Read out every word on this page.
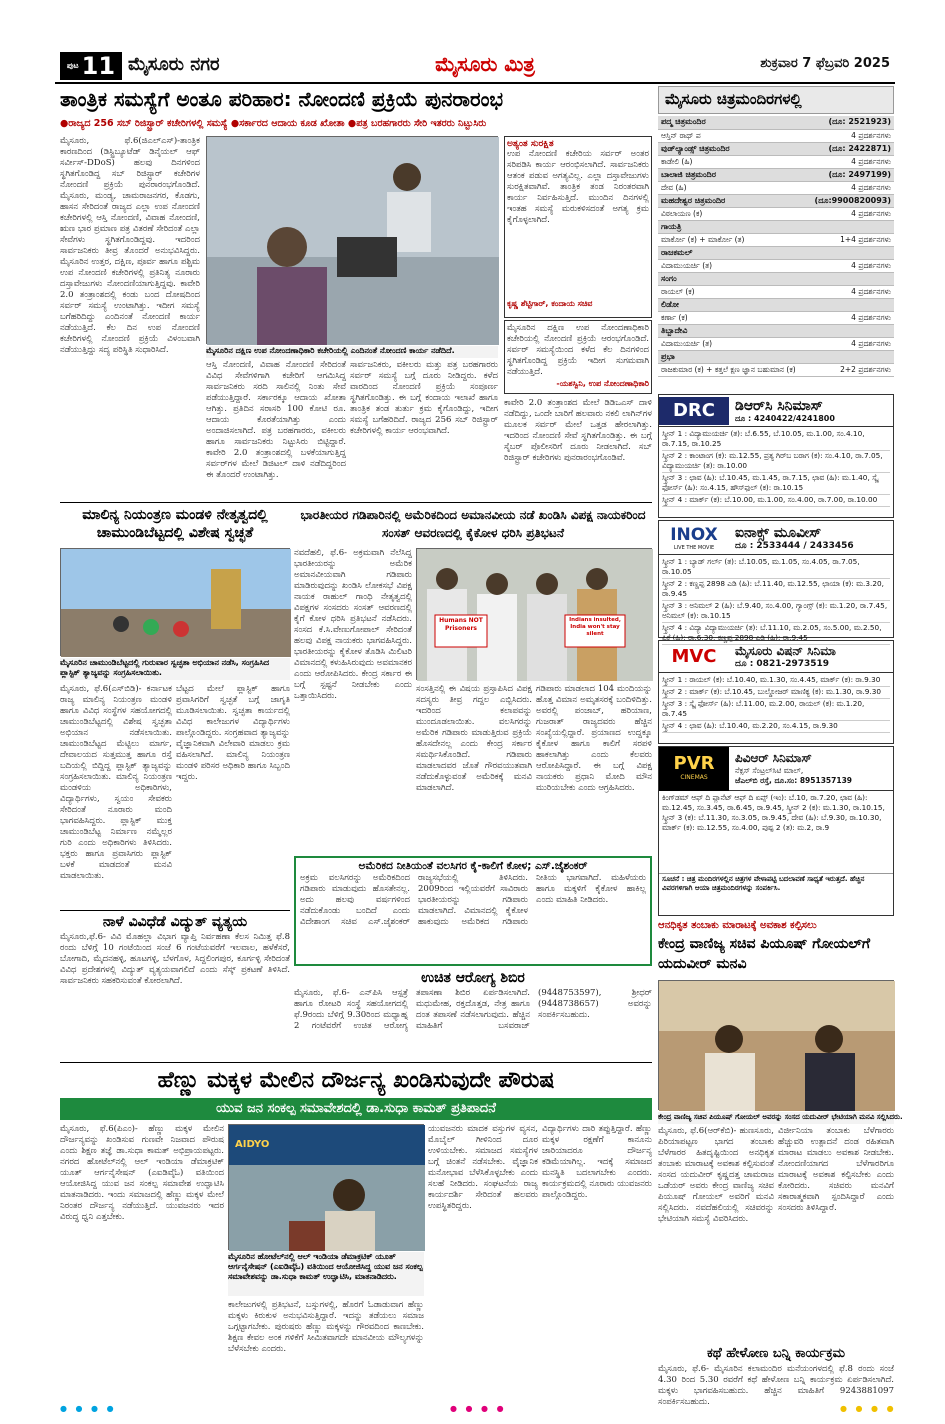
ಪುಟ 11 ಮೈಸೂರು ನಗರ	ಮೈಸೂರು ಮಿತ್ರ	ಶುಕ್ರವಾರ 7 ಫೆಬ್ರವರಿ 2025
ತಾಂತ್ರಿಕ ಸಮಸ್ಯೆಗೆ ಅಂತೂ ಪರಿಹಾರ: ನೋಂದಣಿ ಪ್ರಕ್ರಿಯೆ ಪುನರಾರಂಭ
●ರಾಜ್ಯದ 256 ಸಬ್ ರಿಜಿಸ್ಟ್ರಾರ್ ಕಚೇರಿಗಳಲ್ಲಿ ಸಮಸ್ಯೆ ●ಸರ್ಕಾರದ ಆದಾಯ ಕೂಡ ಖೋತಾ ●ಪತ್ರ ಬರಹಗಾರರು ಸೇರಿ ಇತರರು ನಿಟ್ಟುಸಿರು
ಮೈಸೂರು, ಫೆ.6(ಜಿಎಲ್‌ಎಸ್)-ತಾಂತ್ರಿಕ ಕಾರಣದಿಂದ (ಡಿಸ್ಟ್ರಿಬ್ಯೂಟೆಡ್ ಡಿನೈಯಲ್ ಆಫ್ ಸರ್ವೀಸ್-DDoS) ಹಲವು ದಿನಗಳಿಂದ ಸ್ಥಗಿತಗೊಂಡಿದ್ದ ಸಬ್ ರಿಜಿಸ್ಟ್ರಾರ್ ಕಚೇರಿಗಳ ನೋಂದಣಿ ಪ್ರಕ್ರಿಯೆ ಪುನರಾರಂಭಗೊಂಡಿದೆ. ಮೈಸೂರು, ಮಂಡ್ಯ, ಚಾಮರಾಜನಗರ, ಕೊಡಗು, ಹಾಸನ ಸೇರಿದಂತೆ ರಾಜ್ಯದ ಎಲ್ಲಾ ಉಪ ನೋಂದಣಿ ಕಚೇರಿಗಳಲ್ಲಿ ಆಸ್ತಿ ನೋಂದಣಿ, ವಿವಾಹ ನೋಂದಣಿ, ಋಣ ಭಾರ ಪ್ರಮಾಣ ಪತ್ರ ವಿತರಣೆ ಸೇರಿದಂತೆ ಎಲ್ಲಾ ಸೇವೆಗಳು ಸ್ಥಗಿತಗೊಂಡಿದ್ದವು. ಇದರಿಂದ ಸಾರ್ವಜನಿಕರು ತೀವ್ರ ತೊಂದರೆ ಅನುಭವಿಸಿದ್ದರು. ಮೈಸೂರಿನ ಉತ್ತರ, ದಕ್ಷಿಣ, ಪೂರ್ವ ಹಾಗೂ ಪಶ್ಚಿಮ ಉಪ ನೋಂದಣಿ ಕಚೇರಿಗಳಲ್ಲಿ ಪ್ರತಿನಿತ್ಯ ನೂರಾರು ದಸ್ತಾವೇಜುಗಳು ನೋಂದಣಿಯಾಗುತ್ತಿದ್ದವು. ಕಾವೇರಿ 2.0 ತಂತ್ರಾಂಶದಲ್ಲಿ ಕಂಡು ಬಂದ ದೋಷದಿಂದ ಸರ್ವರ್ ಸಮಸ್ಯೆ ಉಂಟಾಗಿತ್ತು. ಇದೀಗ ಸಮಸ್ಯೆ ಬಗೆಹರಿದಿದ್ದು ಎಂದಿನಂತೆ ನೋಂದಣಿ ಕಾರ್ಯ ನಡೆಯುತ್ತಿದೆ. ಕೆಲ ದಿನ ಉಪ ನೋಂದಣಿ ಕಚೇರಿಗಳಲ್ಲಿ ನೋಂದಣಿ ಪ್ರಕ್ರಿಯೆ ವಿಳಂಬವಾಗಿ ನಡೆಯುತ್ತಿದ್ದು ಸದ್ಯ ಪರಿಸ್ಥಿತಿ ಸುಧಾರಿಸಿದೆ.	ಮೈಸೂರಿನ ದಕ್ಷಿಣ ಉಪ ನೋಂದಣಾಧಿಕಾರಿ ಕಚೇರಿಯಲ್ಲಿ ಎಂದಿನಂತೆ ನೋಂದಣಿ ಕಾರ್ಯ ನಡೆದಿದೆ.
ಆಸ್ತಿ ನೋಂದಣಿ, ವಿವಾಹ ನೋಂದಣಿ ಸೇರಿದಂತೆ ವಿವಿಧ ಸೇವೆಗಳಿಗಾಗಿ ಕಚೇರಿಗೆ ಆಗಮಿಸಿದ್ದ ಸಾರ್ವಜನಿಕರು ಸರದಿ ಸಾಲಿನಲ್ಲಿ ನಿಂತು ಸೇವೆ ಪಡೆಯುತ್ತಿದ್ದಾರೆ. ಸರ್ಕಾರಕ್ಕೂ ಆದಾಯ ಖೋತಾ ಆಗಿತ್ತು. ಪ್ರತಿದಿನ ಸರಾಸರಿ 100 ಕೋಟಿ ರೂ. ಆದಾಯ ಕೊರತೆಯಾಗಿತ್ತು ಎಂದು ಅಂದಾಜಿಸಲಾಗಿದೆ. ಪತ್ರ ಬರಹಗಾರರು, ವಕೀಲರು ಹಾಗೂ ಸಾರ್ವಜನಿಕರು ನಿಟ್ಟುಸಿರು ಬಿಟ್ಟಿದ್ದಾರೆ. ಕಾವೇರಿ 2.0 ತಂತ್ರಾಂಶದಲ್ಲಿ ಬಳಕೆಯಾಗುತ್ತಿದ್ದ ಸರ್ವರ್‌ಗಳ ಮೇಲೆ ಡಿಜಿಟಲ್ ದಾಳಿ ನಡೆದಿದ್ದರಿಂದ ಈ ತೊಂದರೆ ಉಂಟಾಗಿತ್ತು.
ಸಾರ್ವಜನಿಕರು, ವಕೀಲರು ಮತ್ತು ಪತ್ರ ಬರಹಗಾರರು ಸರ್ವರ್ ಸಮಸ್ಯೆ ಬಗ್ಗೆ ದೂರು ನೀಡಿದ್ದರು. ಕಳೆದ ವಾರದಿಂದ ನೋಂದಣಿ ಪ್ರಕ್ರಿಯೆ ಸಂಪೂರ್ಣ ಸ್ಥಗಿತಗೊಂಡಿತ್ತು. ಈ ಬಗ್ಗೆ ಕಂದಾಯ ಇಲಾಖೆ ಹಾಗೂ ತಾಂತ್ರಿಕ ತಂಡ ತುರ್ತು ಕ್ರಮ ಕೈಗೊಂಡಿದ್ದು, ಇದೀಗ ಸಮಸ್ಯೆ ಬಗೆಹರಿದಿದೆ. ರಾಜ್ಯದ 256 ಸಬ್ ರಿಜಿಸ್ಟ್ರಾರ್ ಕಚೇರಿಗಳಲ್ಲಿ ಕಾರ್ಯ ಆರಂಭವಾಗಿದೆ.
ಅತ್ಯಂತ ಸುರಕ್ಷಿತ
ಉಪ ನೋಂದಣಿ ಕಚೇರಿಯ ಸರ್ವರ್ ಅಂತರ ಸರಿಪಡಿಸಿ ಕಾರ್ಯ ಆರಂಭಿಸಲಾಗಿದೆ. ಸಾರ್ವಜನಿಕರು ಆತಂಕ ಪಡುವ ಅಗತ್ಯವಿಲ್ಲ. ಎಲ್ಲಾ ದಸ್ತಾವೇಜುಗಳು ಸುರಕ್ಷಿತವಾಗಿವೆ. ತಾಂತ್ರಿಕ ತಂಡ ನಿರಂತರವಾಗಿ ಕಾರ್ಯ ನಿರ್ವಹಿಸುತ್ತಿದೆ. ಮುಂದಿನ ದಿನಗಳಲ್ಲಿ ಇಂತಹ ಸಮಸ್ಯೆ ಮರುಕಳಿಸದಂತೆ ಅಗತ್ಯ ಕ್ರಮ ಕೈಗೊಳ್ಳಲಾಗಿದೆ.
ಕೃಷ್ಣ ಶೆಟ್ಟಿಗಾರ್, ಕಂದಾಯ ಸಚಿವ
ಮೈಸೂರಿನ ದಕ್ಷಿಣ ಉಪ ನೋಂದಣಾಧಿಕಾರಿ ಕಚೇರಿಯಲ್ಲಿ ನೋಂದಣಿ ಪ್ರಕ್ರಿಯೆ ಆರಂಭಗೊಂಡಿದೆ. ಸರ್ವರ್ ಸಮಸ್ಯೆಯಿಂದ ಕಳೆದ ಕೆಲ ದಿನಗಳಿಂದ ಸ್ಥಗಿತಗೊಂಡಿದ್ದ ಪ್ರಕ್ರಿಯೆ ಇದೀಗ ಸುಗಮವಾಗಿ ನಡೆಯುತ್ತಿದೆ.
-ಯಶಸ್ವಿನಿ, ಉಪ ನೋಂದಣಾಧಿಕಾರಿ
ಕಾವೇರಿ 2.0 ತಂತ್ರಾಂಶದ ಮೇಲೆ ಡಿಡಿಒಎಸ್ ದಾಳಿ ನಡೆದಿದ್ದು, ಒಂದೇ ಬಾರಿಗೆ ಹಲವಾರು ನಕಲಿ ಲಾಗಿನ್‌ಗಳ ಮೂಲಕ ಸರ್ವರ್ ಮೇಲೆ ಒತ್ತಡ ಹೇರಲಾಗಿತ್ತು. ಇದರಿಂದ ನೋಂದಣಿ ಸೇವೆ ಸ್ಥಗಿತಗೊಂಡಿತ್ತು. ಈ ಬಗ್ಗೆ ಸೈಬರ್ ಪೊಲೀಸರಿಗೆ ದೂರು ನೀಡಲಾಗಿದೆ. ಸಬ್ ರಿಜಿಸ್ಟ್ರಾರ್ ಕಚೇರಿಗಳು ಪುನರಾರಂಭಗೊಂಡಿವೆ.
ಮಾಲಿನ್ಯ ನಿಯಂತ್ರಣ ಮಂಡಳಿ ನೇತೃತ್ವದಲ್ಲಿ ಚಾಮುಂಡಿಬೆಟ್ಟದಲ್ಲಿ ವಿಶೇಷ ಸ್ವಚ್ಛತೆ
ಮೈಸೂರಿನ ಚಾಮುಂಡಿಬೆಟ್ಟದಲ್ಲಿ ಗುರುವಾರ ಸ್ವಚ್ಛತಾ ಅಭಿಯಾನ ನಡೆಸಿ, ಸಂಗ್ರಹಿಸಿದ ಪ್ಲಾಸ್ಟಿಕ್ ತ್ಯಾಜ್ಯವನ್ನು ಸಂಗ್ರಹಿಸಲಾಯಿತು.
ಮೈಸೂರು, ಫೆ.6(ಎಸ್‌ಬಿಡಿ)- ಕರ್ನಾಟಕ ರಾಜ್ಯ ಮಾಲಿನ್ಯ ನಿಯಂತ್ರಣ ಮಂಡಳಿ ಹಾಗೂ ವಿವಿಧ ಸಂಸ್ಥೆಗಳ ಸಹಯೋಗದಲ್ಲಿ ಚಾಮುಂಡಿಬೆಟ್ಟದಲ್ಲಿ ವಿಶೇಷ ಸ್ವಚ್ಛತಾ ಅಭಿಯಾನ ನಡೆಸಲಾಯಿತು. ಚಾಮುಂಡಿಬೆಟ್ಟದ ಮೆಟ್ಟಿಲು ಮಾರ್ಗ, ದೇವಾಲಯದ ಸುತ್ತಮುತ್ತ ಹಾಗೂ ರಸ್ತೆ ಬದಿಯಲ್ಲಿ ಬಿದ್ದಿದ್ದ ಪ್ಲಾಸ್ಟಿಕ್ ತ್ಯಾಜ್ಯವನ್ನು ಸಂಗ್ರಹಿಸಲಾಯಿತು. ಮಾಲಿನ್ಯ ನಿಯಂತ್ರಣ ಮಂಡಳಿಯ ಅಧಿಕಾರಿಗಳು, ವಿದ್ಯಾರ್ಥಿಗಳು, ಸ್ವಯಂ ಸೇವಕರು ಸೇರಿದಂತೆ ನೂರಾರು ಮಂದಿ ಭಾಗವಹಿಸಿದ್ದರು. ಪ್ಲಾಸ್ಟಿಕ್ ಮುಕ್ತ ಚಾಮುಂಡಿಬೆಟ್ಟ ನಿರ್ಮಾಣ ನಮ್ಮೆಲ್ಲರ ಗುರಿ ಎಂದು ಅಧಿಕಾರಿಗಳು ತಿಳಿಸಿದರು. ಭಕ್ತರು ಹಾಗೂ ಪ್ರವಾಸಿಗರು ಪ್ಲಾಸ್ಟಿಕ್ ಬಳಕೆ ಮಾಡದಂತೆ ಮನವಿ ಮಾಡಲಾಯಿತು.
ಬೆಟ್ಟದ ಮೇಲೆ ಪ್ಲಾಸ್ಟಿಕ್ ಹಾಗೂ ಪ್ರವಾಸಿಗರಿಗೆ ಸ್ವಚ್ಛತೆ ಬಗ್ಗೆ ಜಾಗೃತಿ ಮೂಡಿಸಲಾಯಿತು. ಸ್ವಚ್ಛತಾ ಕಾರ್ಯದಲ್ಲಿ ವಿವಿಧ ಕಾಲೇಜುಗಳ ವಿದ್ಯಾರ್ಥಿಗಳು ಪಾಲ್ಗೊಂಡಿದ್ದರು. ಸಂಗ್ರಹವಾದ ತ್ಯಾಜ್ಯವನ್ನು ವೈಜ್ಞಾನಿಕವಾಗಿ ವಿಲೇವಾರಿ ಮಾಡಲು ಕ್ರಮ ವಹಿಸಲಾಗಿದೆ. ಮಾಲಿನ್ಯ ನಿಯಂತ್ರಣ ಮಂಡಳಿ ಪರಿಸರ ಅಧಿಕಾರಿ ಹಾಗೂ ಸಿಬ್ಬಂದಿ ಇದ್ದರು.
ನಾಳೆ ವಿವಿಧೆಡೆ ವಿದ್ಯುತ್ ವ್ಯತ್ಯಯ
ಮೈಸೂರು,ಫೆ.6- ವಿವಿ ಮೊಹಲ್ಲಾ ವಿಭಾಗ ವ್ಯಾಪ್ತಿ ನಿರ್ವಹಣಾ ಕೆಲಸ ನಿಮಿತ್ತ ಫೆ.8 ರಂದು ಬೆಳಿಗ್ಗೆ 10 ಗಂಟೆಯಿಂದ ಸಂಜೆ 6 ಗಂಟೆಯವರೆಗೆ ಇಲವಾಲ, ಹಳೆಕೆಸರೆ, ಬೋಗಾದಿ, ಮೈದನಹಳ್ಳಿ, ಹೂಟಗಳ್ಳಿ, ಬೆಳಗೊಳ, ಸಿದ್ದಲಿಂಗಪುರ, ಕೂರ್ಗಳ್ಳಿ ಸೇರಿದಂತೆ ವಿವಿಧ ಪ್ರದೇಶಗಳಲ್ಲಿ ವಿದ್ಯುತ್ ವ್ಯತ್ಯಯವಾಗಲಿದೆ ಎಂದು ಸೆಸ್ಕ್ ಪ್ರಕಟಣೆ ತಿಳಿಸಿದೆ. ಸಾರ್ವಜನಿಕರು ಸಹಕರಿಸುವಂತೆ ಕೋರಲಾಗಿದೆ.
ಭಾರತೀಯರ ಗಡಿಪಾರಿನಲ್ಲಿ ಅಮೆರಿಕದಿಂದ ಅಮಾನವೀಯ ನಡೆ ಖಂಡಿಸಿ ವಿಪಕ್ಷ ನಾಯಕರಿಂದ ಸಂಸತ್ ಆವರಣದಲ್ಲಿ ಕೈಕೋಳ ಧರಿಸಿ ಪ್ರತಿಭಟನೆ
ನವದೆಹಲಿ, ಫೆ.6- ಅಕ್ರಮವಾಗಿ ನೆಲೆಸಿದ್ದ ಭಾರತೀಯರನ್ನು ಅಮೆರಿಕ ಅಮಾನವೀಯವಾಗಿ ಗಡಿಪಾರು ಮಾಡಿರುವುದನ್ನು ಖಂಡಿಸಿ ಲೋಕಸಭೆ ವಿಪಕ್ಷ ನಾಯಕ ರಾಹುಲ್ ಗಾಂಧಿ ನೇತೃತ್ವದಲ್ಲಿ ವಿಪಕ್ಷಗಳ ಸಂಸದರು ಸಂಸತ್ ಆವರಣದಲ್ಲಿ ಕೈಗೆ ಕೋಳ ಧರಿಸಿ ಪ್ರತಿಭಟನೆ ನಡೆಸಿದರು. ಸಂಸದ ಕೆ.ಸಿ.ವೇಣುಗೋಪಾಲ್ ಸೇರಿದಂತೆ ಹಲವು ವಿಪಕ್ಷ ನಾಯಕರು ಭಾಗವಹಿಸಿದ್ದರು. ಭಾರತೀಯರನ್ನು ಕೈಕೋಳ ತೊಡಿಸಿ ಮಿಲಿಟರಿ ವಿಮಾನದಲ್ಲಿ ಕಳುಹಿಸಿರುವುದು ಅವಮಾನಕರ ಎಂದು ಆರೋಪಿಸಿದರು. ಕೇಂದ್ರ ಸರ್ಕಾರ ಈ ಬಗ್ಗೆ ಸ್ಪಷ್ಟನೆ ನೀಡಬೇಕು ಎಂದು ಒತ್ತಾಯಿಸಿದರು.
Humans NOT Prisoners
Indians insulted, India won't stay silent
ಸಂಸತ್ತಿನಲ್ಲಿ ಈ ವಿಷಯ ಪ್ರಸ್ತಾಪಿಸಿದ ವಿಪಕ್ಷ ಸದಸ್ಯರು ತೀವ್ರ ಗದ್ದಲ ಎಬ್ಬಿಸಿದರು. ಇದರಿಂದ ಕಲಾಪವನ್ನು ಮುಂದೂಡಲಾಯಿತು. ವಲಸಿಗರನ್ನು ಅಮೆರಿಕ ಗಡಿಪಾರು ಮಾಡುತ್ತಿರುವ ಪ್ರಕ್ರಿಯೆ ಹೊಸದೇನಲ್ಲ ಎಂದು ಕೇಂದ್ರ ಸರ್ಕಾರ ಸಮರ್ಥಿಸಿಕೊಂಡಿದೆ. ಗಡಿಪಾರು ಮಾಡಲಾದವರ ಜೊತೆ ಗೌರವಯುತವಾಗಿ ನಡೆದುಕೊಳ್ಳುವಂತೆ ಅಮೆರಿಕಕ್ಕೆ ಮನವಿ ಮಾಡಲಾಗಿದೆ.
ಗಡಿಪಾರು ಮಾಡಲಾದ 104 ಮಂದಿಯನ್ನು ಹೊತ್ತ ವಿಮಾನ ಅಮೃತಸರಕ್ಕೆ ಬಂದಿಳಿದಿತ್ತು. ಅವರಲ್ಲಿ ಪಂಜಾಬ್, ಹರಿಯಾಣ, ಗುಜರಾತ್ ರಾಜ್ಯದವರು ಹೆಚ್ಚಿನ ಸಂಖ್ಯೆಯಲ್ಲಿದ್ದಾರೆ. ಪ್ರಯಾಣದ ಉದ್ದಕ್ಕೂ ಕೈಕೋಳ ಹಾಗೂ ಕಾಲಿಗೆ ಸರಪಳಿ ಹಾಕಲಾಗಿತ್ತು ಎಂದು ಕೆಲವರು ಆರೋಪಿಸಿದ್ದಾರೆ. ಈ ಬಗ್ಗೆ ವಿಪಕ್ಷ ನಾಯಕರು ಪ್ರಧಾನಿ ಮೋದಿ ಮೌನ ಮುರಿಯಬೇಕು ಎಂದು ಆಗ್ರಹಿಸಿದರು.
ಅಮೆರಿಕದ ನೀತಿಯಂತೆ ವಲಸಿಗರ ಕೈ-ಕಾಲಿಗೆ ಕೋಳ; ಎಸ್.ಜೈಶಂಕರ್
ಅಕ್ರಮ ವಲಸಿಗರನ್ನು ಅಮೆರಿಕದಿಂದ ಗಡಿಪಾರು ಮಾಡುವುದು ಹೊಸತೇನಲ್ಲ. ಅದು ಹಲವು ವರ್ಷಗಳಿಂದ ನಡೆದುಕೊಂಡು ಬಂದಿದೆ ಎಂದು ವಿದೇಶಾಂಗ ಸಚಿವ ಎಸ್.ಜೈಶಂಕರ್ ರಾಜ್ಯಸಭೆಯಲ್ಲಿ ತಿಳಿಸಿದರು. 2009ರಿಂದ ಇಲ್ಲಿಯವರೆಗೆ ಸಾವಿರಾರು ಭಾರತೀಯರನ್ನು ಗಡಿಪಾರು ಮಾಡಲಾಗಿದೆ. ವಿಮಾನದಲ್ಲಿ ಕೈಕೋಳ ಹಾಕುವುದು ಅಮೆರಿಕದ ಗಡಿಪಾರು ನೀತಿಯ ಭಾಗವಾಗಿದೆ. ಮಹಿಳೆಯರು ಹಾಗೂ ಮಕ್ಕಳಿಗೆ ಕೈಕೋಳ ಹಾಕಿಲ್ಲ ಎಂದು ಮಾಹಿತಿ ನೀಡಿದರು.
ಉಚಿತ ಆರೋಗ್ಯ ಶಿಬಿರ
ಮೈಸೂರು, ಫೆ.6- ಎನ್‌ಪಿಸಿ ಆಸ್ಪತ್ರೆ ಹಾಗೂ ರೋಟರಿ ಸಂಸ್ಥೆ ಸಹಯೋಗದಲ್ಲಿ ಫೆ.9ರಂದು ಬೆಳಿಗ್ಗೆ 9.30ರಿಂದ ಮಧ್ಯಾಹ್ನ 2 ಗಂಟೆವರೆಗೆ ಉಚಿತ ಆರೋಗ್ಯ ತಪಾಸಣಾ ಶಿಬಿರ ಏರ್ಪಡಿಸಲಾಗಿದೆ. ಮಧುಮೇಹ, ರಕ್ತದೊತ್ತಡ, ನೇತ್ರ ಹಾಗೂ ದಂತ ತಪಾಸಣೆ ನಡೆಸಲಾಗುವುದು. ಹೆಚ್ಚಿನ ಮಾಹಿತಿಗೆ ಬಸವರಾಜ್ (9448753597), ಶ್ರೀಧರ್ (9448738657) ಅವರನ್ನು ಸಂಪರ್ಕಿಸಬಹುದು.
ಹೆಣ್ಣು ಮಕ್ಕಳ ಮೇಲಿನ ದೌರ್ಜನ್ಯ ಖಂಡಿಸುವುದೇ ಪೌರುಷ
ಯುವ ಜನ ಸಂಕಲ್ಪ ಸಮಾವೇಶದಲ್ಲಿ ಡಾ.ಸುಧಾ ಕಾಮತ್ ಪ್ರತಿಪಾದನೆ
ಮೈಸೂರು, ಫೆ.6(ಪಿಎಂ)- ಹೆಣ್ಣು ಮಕ್ಕಳ ಮೇಲಿನ ದೌರ್ಜನ್ಯವನ್ನು ಖಂಡಿಸುವ ಗುಣವೇ ನಿಜವಾದ ಪೌರುಷ ಎಂದು ಶಿಕ್ಷಣ ತಜ್ಞೆ ಡಾ.ಸುಧಾ ಕಾಮತ್ ಅಭಿಪ್ರಾಯಪಟ್ಟರು. ನಗರದ ಹೋಟೆಲ್‌ನಲ್ಲಿ ಆಲ್ ಇಂಡಿಯಾ ಡೆಮಾಕ್ರಟಿಕ್ ಯೂತ್ ಆರ್ಗನೈಸೇಷನ್ (ಎಐಡಿವೈಓ) ವತಿಯಿಂದ ಆಯೋಜಿಸಿದ್ದ ಯುವ ಜನ ಸಂಕಲ್ಪ ಸಮಾವೇಶ ಉದ್ಘಾಟಿಸಿ ಮಾತನಾಡಿದರು. ಇಂದು ಸಮಾಜದಲ್ಲಿ ಹೆಣ್ಣು ಮಕ್ಕಳ ಮೇಲೆ ನಿರಂತರ ದೌರ್ಜನ್ಯ ನಡೆಯುತ್ತಿದೆ. ಯುವಜನರು ಇದರ ವಿರುದ್ಧ ಧ್ವನಿ ಎತ್ತಬೇಕು.
AIDYO
ಮೈಸೂರಿನ ಹೋಟೆಲ್‌ನಲ್ಲಿ ಆಲ್ ಇಂಡಿಯಾ ಡೆಮಾಕ್ರಟಿಕ್ ಯೂತ್ ಆರ್ಗನೈಸೇಷನ್ (ಎಐಡಿವೈಓ) ವತಿಯಿಂದ ಆಯೋಜಿಸಿದ್ದ ಯುವ ಜನ ಸಂಕಲ್ಪ ಸಮಾವೇಶವನ್ನು ಡಾ.ಸುಧಾ ಕಾಮತ್ ಉದ್ಘಾಟಿಸಿ, ಮಾತನಾಡಿದರು.
ಕಾಲೇಜುಗಳಲ್ಲಿ ಪ್ರತಿಭಟನೆ, ಬಸ್ಸುಗಳಲ್ಲಿ, ಹೊರಗೆ ಓಡಾಡುವಾಗ ಹೆಣ್ಣು ಮಕ್ಕಳು ಕಿರುಕುಳ ಅನುಭವಿಸುತ್ತಿದ್ದಾರೆ. ಇದನ್ನು ತಡೆಯಲು ಸಮಾಜ ಒಗ್ಗಟ್ಟಾಗಬೇಕು. ಪುರುಷರು ಹೆಣ್ಣು ಮಕ್ಕಳನ್ನು ಗೌರವದಿಂದ ಕಾಣಬೇಕು. ಶಿಕ್ಷಣ ಕೇವಲ ಅಂಕ ಗಳಿಕೆಗೆ ಸೀಮಿತವಾಗದೇ ಮಾನವೀಯ ಮೌಲ್ಯಗಳನ್ನು ಬೆಳೆಸಬೇಕು ಎಂದರು.
ಯುವಜನರು ಮಾದಕ ವಸ್ತುಗಳ ವ್ಯಸನ, ಮೊಬೈಲ್ ಗೀಳಿನಿಂದ ದೂರ ಉಳಿಯಬೇಕು. ಸಮಾಜದ ಸಮಸ್ಯೆಗಳ ಬಗ್ಗೆ ಚಿಂತನೆ ನಡೆಸಬೇಕು. ವೈಜ್ಞಾನಿಕ ಮನೋಭಾವ ಬೆಳೆಸಿಕೊಳ್ಳಬೇಕು ಎಂದು ಸಲಹೆ ನೀಡಿದರು. ಸಂಘಟನೆಯ ರಾಜ್ಯ ಕಾರ್ಯದರ್ಶಿ ಸೇರಿದಂತೆ ಹಲವರು ಉಪಸ್ಥಿತರಿದ್ದರು.
ವಿದ್ಯಾರ್ಥಿಗಳು ದಾರಿ ತಪ್ಪುತ್ತಿದ್ದಾರೆ. ಹೆಣ್ಣು ಮಕ್ಕಳ ರಕ್ಷಣೆಗೆ ಕಾನೂನು ಜಾರಿಯಾದರೂ ದೌರ್ಜನ್ಯ ಕಡಿಮೆಯಾಗಿಲ್ಲ. ಇದಕ್ಕೆ ಸಮಾಜದ ಮನಸ್ಥಿತಿ ಬದಲಾಗಬೇಕು ಎಂದರು. ಕಾರ್ಯಕ್ರಮದಲ್ಲಿ ನೂರಾರು ಯುವಜನರು ಪಾಲ್ಗೊಂಡಿದ್ದರು.
ಮೈಸೂರು ಚಿತ್ರಮಂದಿರಗಳಲ್ಲಿ
ಪದ್ಮ ಚಿತ್ರಮಂದಿರ	(ದೂ: 2521923)
ಆಸ್ತಿನ್ ರಾಥ್ ಪ	4 ಪ್ರದರ್ಶನಗಳು
ವುಡ್‌ಲ್ಯಾಂಡ್ಸ್ ಚಿತ್ರಮಂದಿರ	(ದೂ: 2422871)
ಕಾಡೇಲಿ (ಹಿ)	4 ಪ್ರದರ್ಶನಗಳು
ಬಾಲಾಜಿ ಚಿತ್ರಮಂದಿರ	(ದೂ: 2497199)
ದೇವ (ಹಿ)	4 ಪ್ರದರ್ಶನಗಳು
ಮಹದೇಶ್ವರ ಚಿತ್ರಮಂದಿರ	(ದೂ:9900820093)
ವಿಠಲಾಯಣ (ಕ)	4 ಪ್ರದರ್ಶನಗಳು
ಗಾಯತ್ರಿ	
ಮಾರ್ಕೋ (ಕ) + ಮಾರ್ಕೋ (ತ)	1+4 ಪ್ರದರ್ಶನಗಳು
ರಾಜಕಮಲ್	
ವಿದಾಮುಯರ್ಚಿ (ತ)	4 ಪ್ರದರ್ಶನಗಳು
ಸಂಗಂ	
ರಾಯಲ್ (ಕ)	4 ಪ್ರದರ್ಶನಗಳು
ಲಿಡೋ	
ಕರ್ಣಾ (ಕ)	4 ಪ್ರದರ್ಶನಗಳು
ತಿಬ್ಬಾದೇವಿ	
ವಿದಾಮುಯರ್ಚಿ (ತ)	4 ಪ್ರದರ್ಶನಗಳು
ಪ್ರಭಾ	
ರಾಜಕುಮಾರ (ಕ) + ಕತ್ತಲೆ ಕ್ಷಣ ಜ್ಞಾನ ಬಹುಮಾನ (ಕ)	2+2 ಪ್ರದರ್ಶನಗಳು
DRC	ಡಿಆರ್‌ಸಿ ಸಿನಿಮಾಸ್
ದೂ : 4240422/4241800
ಸ್ಕ್ರೀನ್ 1 : ವಿದ್ಯಾಮುಯರ್ಚಿ (ತ): ಬೆ.6.55, ಬೆ.10.05, ಮ.1.00, ಸಂ.4.10, ರಾ.7.15, ರಾ.10.25
ಸ್ಕ್ರೀನ್ 2 : ಕಾಂಟಾಂಗ (ಕ): ಮ.12.55, ಪ್ರತ್ಯ ಗಿರ್‌ಬ ಬರಾಗ (ಕ): ಸಂ.4.10, ರಾ.7.05, ವಿದ್ಯಾಮುಯರ್ಚಿ (ತ): ರಾ.10.00
ಸ್ಕ್ರೀನ್ 3 : ಛಾವ (ಹಿ): ಬೆ.10.45, ಮ.1.45, ರಾ.7.15, ಛಾವ (ಹಿ): ಮ.1.40, ಸ್ಕೈ ಫೋರ್ಸ್ (ಹಿ): ಸಂ.4.15, ಹೌಸ್‌ಫುಲ್ (ಕ): ರಾ.10.15
ಸ್ಕ್ರೀನ್ 4 : ಮಾರ್ಕ್ (ಕ): ಬೆ.10.00, ಮ.1.00, ಸಂ.4.00, ರಾ.7.00, ರಾ.10.00
INOX
LIVE THE MOVIE
ಐನಾಕ್ಸ್ ಮೂವೀಸ್
ದೂ : 2533444 / 2433456
ಸ್ಕ್ರೀನ್ 1 : ಬ್ಯಾಡ್ ಗರ್ಲ್ (ತ): ಬೆ.10.05, ಮ.1.05, ಸಂ.4.05, ರಾ.7.05, ರಾ.10.05
ಸ್ಕ್ರೀನ್ 2 : ಕಣ್ಣಪ್ಪ 2898 ಎಡಿ (ಹಿ): ಬೆ.11.40, ಮ.12.55, ಛಾಯಾ (ಕ): ಮ.3.20, ರಾ.9.45
ಸ್ಕ್ರೀನ್ 3 : ಅನಿಮಲ್ 2 (ಹಿ): ಬೆ.9.40, ಸಂ.4.00, ಗ್ಯಾಂಗ್ಸ್ (ಕ): ಮ.1.20, ರಾ.7.45, ಅನಿಮಲ್ (ಕ): ರಾ.10.15
ಸ್ಕ್ರೀನ್ 4 : ವಿದ್ಯಾ ವಿದ್ಯಾಮುಯರ್ಚಿ (ತ): ಬೆ.11.10, ಮ.2.05, ಸಂ.5.00, ಮ.2.50, ಪಿಕೆ (ಹಿ): ರಾ.6.30, ಕಣ್ಣಪ್ಪ 2898 ಎಡಿ (ಹಿ): ರಾ.9.45
MVC	ಮೈಸೂರು ವಿಷನ್ ಸಿನಿಮಾ
ದೂ : 0821-2973519
ಸ್ಕ್ರೀನ್ 1 : ರಾಯಲ್ (ಕ): ಬೆ.10.40, ಮ.1.30, ಸಂ.4.45, ಮಾರ್ಕ್ (ಕ): ರಾ.9.30
ಸ್ಕ್ರೀನ್ 2 : ಮಾರ್ಕ್ (ಕ): ಬೆ.10.45, ಬುಲ್ಡೋಜರ್ ಮಾಣಿಕ್ಯ (ಕ): ಮ.1.30, ರಾ.9.30
ಸ್ಕ್ರೀನ್ 3 : ಸ್ಕೈ ಫೋರ್ಸ್ (ಹಿ): ಬೆ.11.00, ಮ.2.00, ರಾಯಲ್ (ಕ): ಮ.1.20, ರಾ.7.45
ಸ್ಕ್ರೀನ್ 4 : ಛಾವ (ಹಿ): ಬೆ.10.40, ಮ.2.20, ಸಂ.4.15, ರಾ.9.30
PVR
CINEMAS
ಪಿವಿಆರ್ ಸಿನಿಮಾಸ್
ನೆಕ್ಸಸ್ ಸೆಂಟ್ರಲ್‌ಸಿಟಿ ಮಾಲ್,
ಜೆಎಲ್‌ಬಿ ರಸ್ತೆ, ದೂ.ಸಂ: 8951357139
ಕಿಂಗ್‌ಡಮ್ ಆಫ್ ದಿ ಪ್ಲಾನೆಟ್ ಆಫ್ ದಿ ಏಪ್ಸ್ (ಇಂ): ಬೆ.10, ರಾ.7.20, ಛಾವ (ಹಿ): ಮ.12.45, ಸಂ.3.45, ರಾ.6.45, ರಾ.9.45, ಸ್ಕ್ರೀನ್ 2 (ಕ): ಮ.1.30, ರಾ.10.15, ಸ್ಕ್ರೀನ್ 3 (ಕ): ಬೆ.11.30, ಸಂ.3.05, ರಾ.9.45, ದೇವ (ಹಿ): ಬೆ.9.30, ರಾ.10.30, ಮಾರ್ಕ್ (ಕ): ಮ.12.55, ಸಂ.4.00, ಪುಷ್ಪ 2 (ತ): ಮ.2, ರಾ.9
ಸೂಚನೆ : ಚಿತ್ರ ಮಂದಿರಗಳಲ್ಲಿನ ಚಿತ್ರಗಳ ವೇಳಾಪಟ್ಟಿ ಬದಲಾವಣೆ ಸಾಧ್ಯತೆ ಇರುತ್ತದೆ. ಹೆಚ್ಚಿನ ವಿವರಗಳಿಗಾಗಿ ಆಯಾ ಚಿತ್ರಮಂದಿರಗಳನ್ನು ಸಂಪರ್ಕಿಸಿ.
ಆನಧಿಕೃತ ತಂಬಾಕು ಮಾರಾಟಕ್ಕೆ ಅವಕಾಶ ಕಲ್ಪಿಸಲು
ಕೇಂದ್ರ ವಾಣಿಜ್ಯ ಸಚಿವ ಪಿಯೂಷ್ ಗೋಯಲ್‌ಗೆ ಯದುವೀರ್ ಮನವಿ
ಕೇಂದ್ರ ವಾಣಿಜ್ಯ ಸಚಿವ ಪಿಯೂಷ್ ಗೋಯಲ್ ಅವರನ್ನು ಸಂಸದ ಯದುವೀರ್ ಭೇಟಿಯಾಗಿ ಮನವಿ ಸಲ್ಲಿಸಿದರು.
ಮೈಸೂರು, ಫೆ.6(ಆರ್‌ಕೆಬಿ)- ಹುಣಸೂರು, ಪಿರಿಯಾಪಟ್ಟಣ ಭಾಗದ ತಂಬಾಕು ಬೆಳೆಗಾರರ ಹಿತದೃಷ್ಟಿಯಿಂದ ಅನಧಿಕೃತ ತಂಬಾಕು ಮಾರಾಟಕ್ಕೆ ಅವಕಾಶ ಕಲ್ಪಿಸುವಂತೆ ಸಂಸದ ಯದುವೀರ್ ಕೃಷ್ಣದತ್ತ ಚಾಮರಾಜ ಒಡೆಯರ್ ಅವರು ಕೇಂದ್ರ ವಾಣಿಜ್ಯ ಸಚಿವ ಪಿಯೂಷ್ ಗೋಯಲ್ ಅವರಿಗೆ ಮನವಿ ಸಲ್ಲಿಸಿದರು. ನವದೆಹಲಿಯಲ್ಲಿ ಸಚಿವರನ್ನು ಭೇಟಿಯಾಗಿ ಸಮಸ್ಯೆ ವಿವರಿಸಿದರು.
ವಿರ್ಜೀನಿಯಾ ತಂಬಾಕು ಬೆಳೆಗಾರರು ಹೆಚ್ಚುವರಿ ಉತ್ಪಾದನೆ ದಂಡ ರಹಿತವಾಗಿ ಮಾರಾಟ ಮಾಡಲು ಅವಕಾಶ ನೀಡಬೇಕು. ನೋಂದಣಿಯಾಗದ ಬೆಳೆಗಾರರಿಗೂ ಮಾರಾಟಕ್ಕೆ ಅವಕಾಶ ಕಲ್ಪಿಸಬೇಕು ಎಂದು ಕೋರಿದರು. ಸಚಿವರು ಮನವಿಗೆ ಸಕಾರಾತ್ಮಕವಾಗಿ ಸ್ಪಂದಿಸಿದ್ದಾರೆ ಎಂದು ಸಂಸದರು ತಿಳಿಸಿದ್ದಾರೆ.
ಕಥೆ ಹೇಳೋಣ ಬನ್ನಿ ಕಾರ್ಯಕ್ರಮ
ಮೈಸೂರು, ಫೆ.6- ಮೈಸೂರಿನ ಕಲಾಮಂದಿರ ಮನೆಯಂಗಳದಲ್ಲಿ ಫೆ.8 ರಂದು ಸಂಜೆ 4.30 ರಿಂದ 5.30 ರವರೆಗೆ ಕಥೆ ಹೇಳೋಣ ಬನ್ನಿ ಕಾರ್ಯಕ್ರಮ ಏರ್ಪಡಿಸಲಾಗಿದೆ. ಮಕ್ಕಳು ಭಾಗವಹಿಸಬಹುದು. ಹೆಚ್ಚಿನ ಮಾಹಿತಿಗೆ 9243881097 ಸಂಪರ್ಕಿಸಬಹುದು.
● ● ● ●	● ● ● ●	● ● ● ●
